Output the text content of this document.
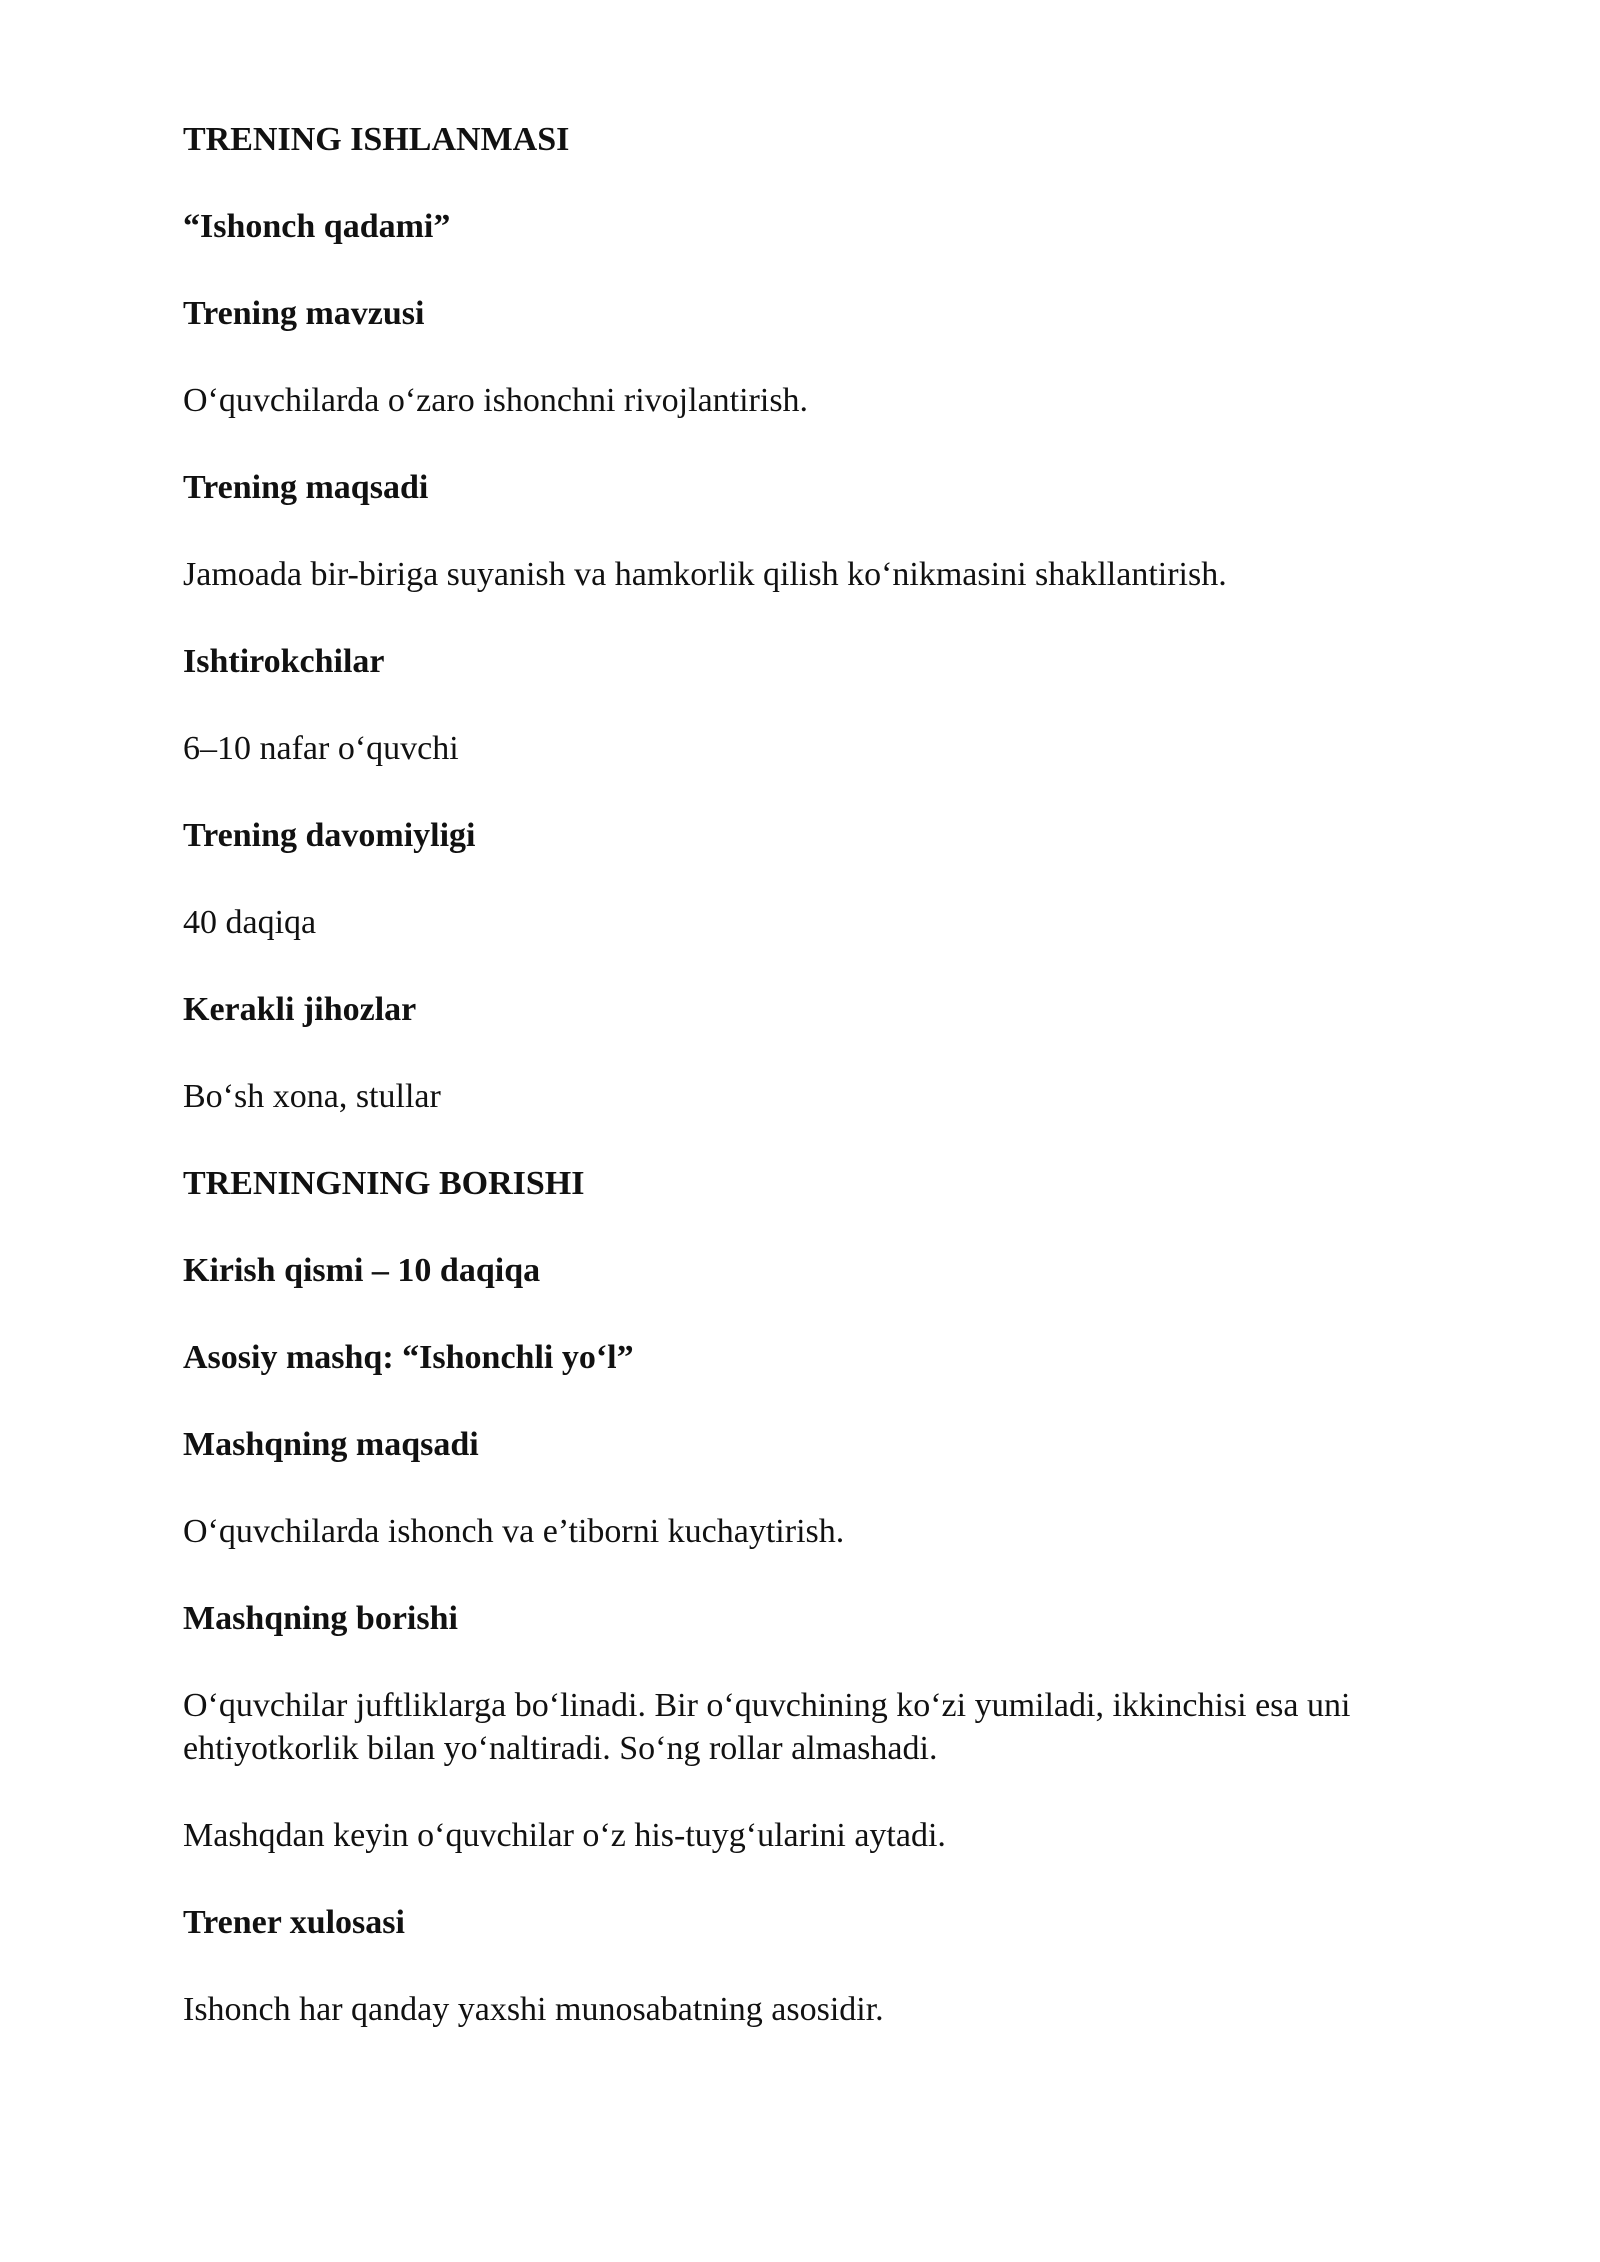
TRENING ISHLANMASI

“Ishonch qadami”

Trening mavzusi

O‘quvchilarda o‘zaro ishonchni rivojlantirish.

Trening maqsadi

Jamoada bir-biriga suyanish va hamkorlik qilish ko‘nikmasini shakllantirish.

Ishtirokchilar

6–10 nafar o‘quvchi

Trening davomiyligi

40 daqiqa

Kerakli jihozlar

Bo‘sh xona, stullar

TRENINGNING BORISHI

Kirish qismi – 10 daqiqa

Asosiy mashq: “Ishonchli yo‘l”

Mashqning maqsadi

O‘quvchilarda ishonch va e’tiborni kuchaytirish.

Mashqning borishi

O‘quvchilar juftliklarga bo‘linadi. Bir o‘quvchining ko‘zi yumiladi, ikkinchisi esa uni ehtiyotkorlik bilan yo‘naltiradi. So‘ng rollar almashadi.

Mashqdan keyin o‘quvchilar o‘z his-tuyg‘ularini aytadi.

Trener xulosasi

Ishonch har qanday yaxshi munosabatning asosidir.
